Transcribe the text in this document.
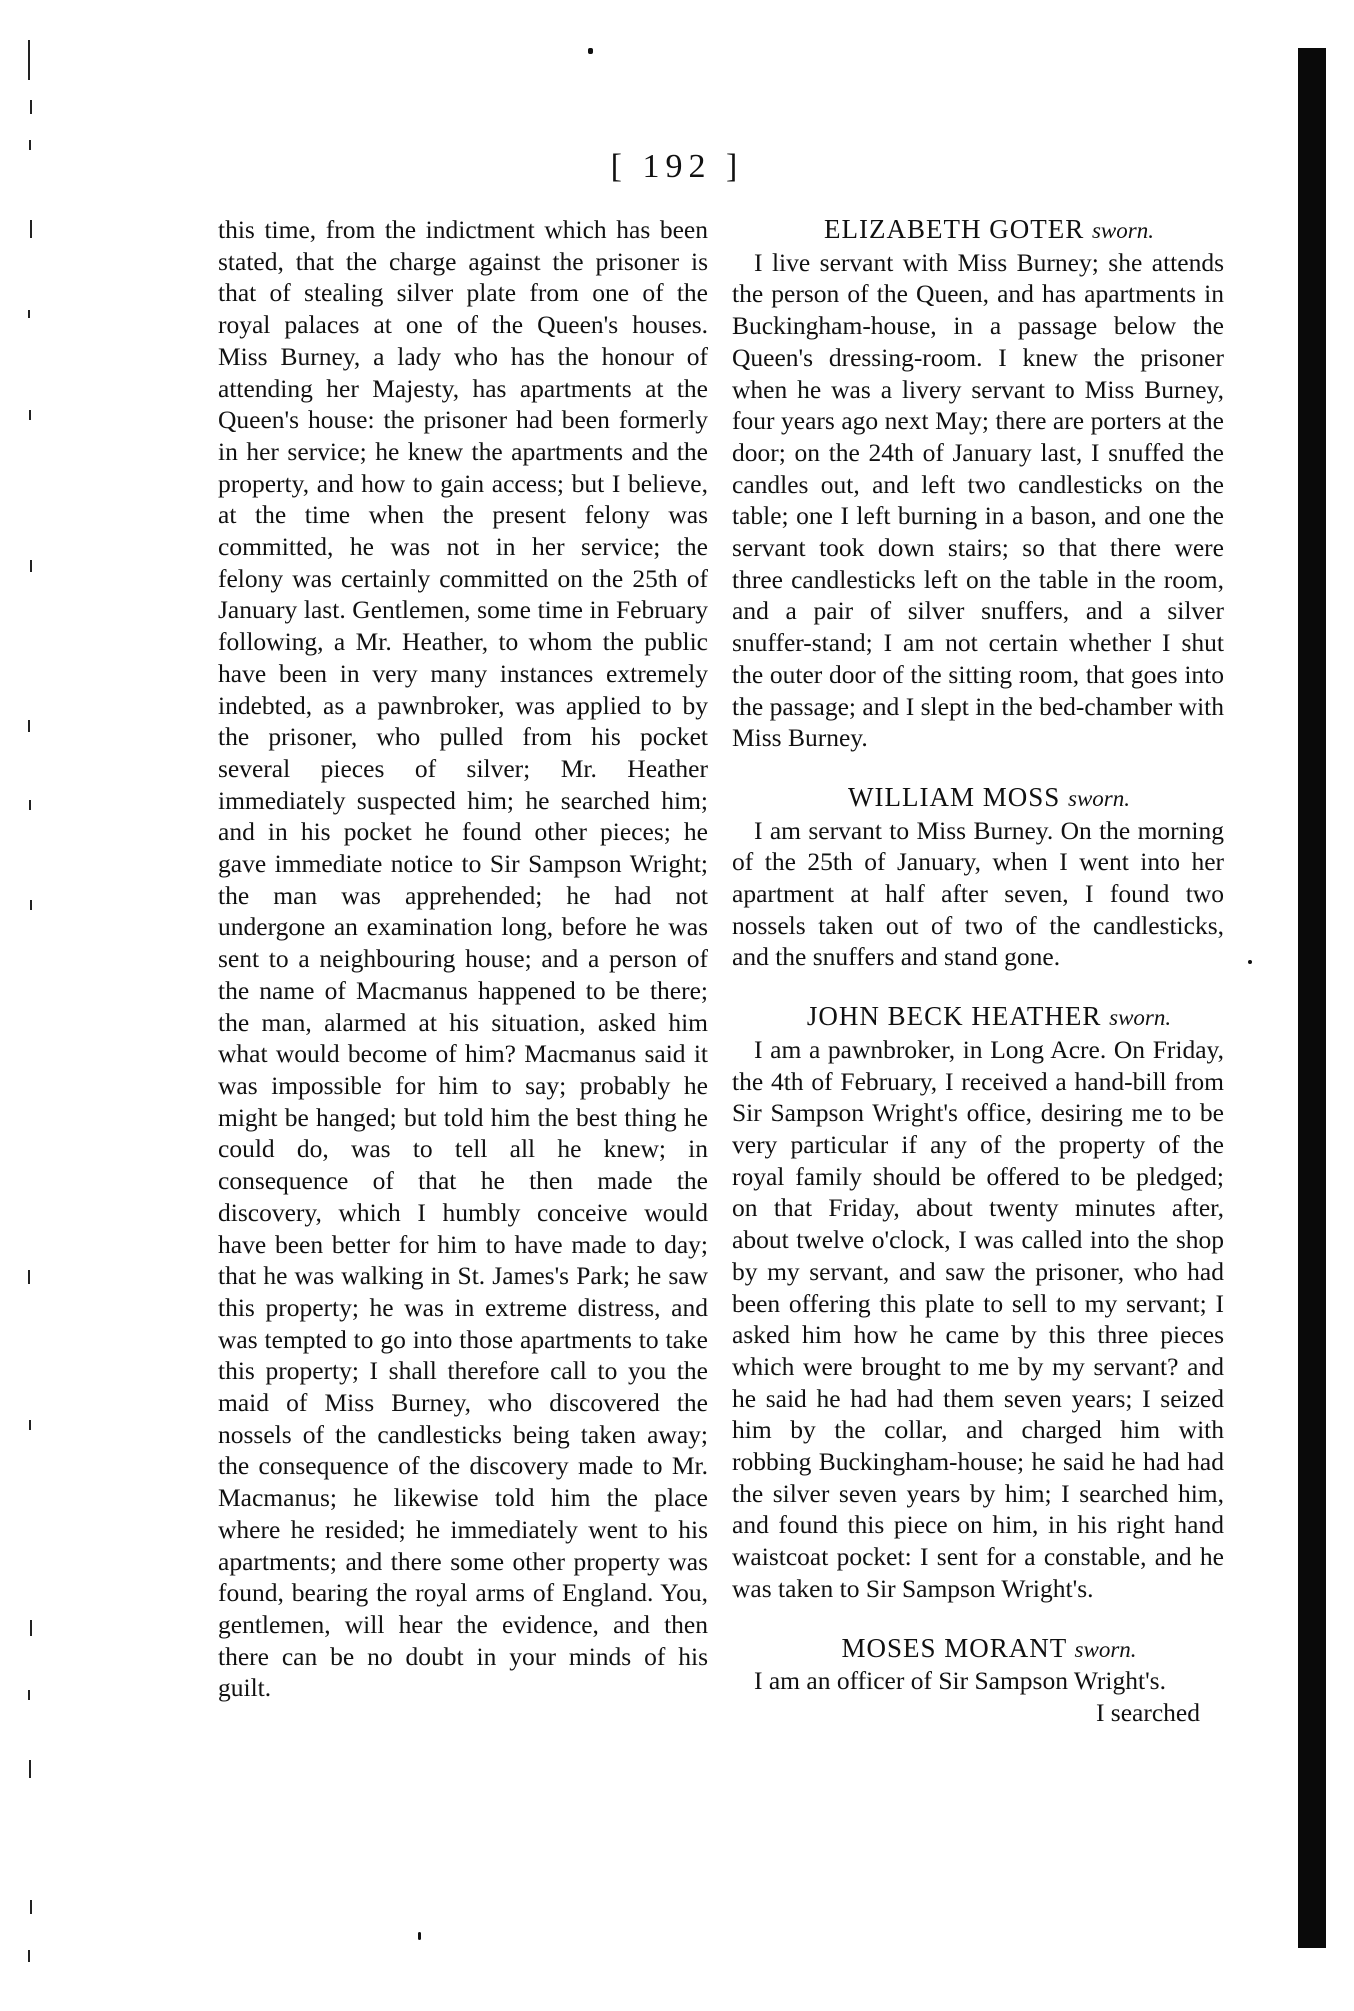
[ 192 ]

this time, from the indictment which has been stated, that the charge against the prisoner is that of stealing silver plate from one of the royal palaces at one of the Queen's houses. Miss Burney, a lady who has the honour of attending her Majesty, has apartments at the Queen's house: the prisoner had been formerly in her service; he knew the apartments and the property, and how to gain access; but I believe, at the time when the present felony was committed, he was not in her service; the felony was certainly committed on the 25th of January last. Gentlemen, some time in February following, a Mr. Heather, to whom the public have been in very many instances extremely indebted, as a pawnbroker, was applied to by the prisoner, who pulled from his pocket several pieces of silver; Mr. Heather immediately suspected him; he searched him; and in his pocket he found other pieces; he gave immediate notice to Sir Sampson Wright; the man was apprehended; he had not undergone an examination long, before he was sent to a neighbouring house; and a person of the name of Macmanus happened to be there; the man, alarmed at his situation, asked him what would become of him? Macmanus said it was impossible for him to say; probably he might be hanged; but told him the best thing he could do, was to tell all he knew; in consequence of that he then made the discovery, which I humbly conceive would have been better for him to have made to day; that he was walking in St. James's Park; he saw this property; he was in extreme distress, and was tempted to go into those apartments to take this property; I shall therefore call to you the maid of Miss Burney, who discovered the nossels of the candlesticks being taken away; the consequence of the discovery made to Mr. Macmanus; he likewise told him the place where he resided; he immediately went to his apartments; and there some other property was found, bearing the royal arms of England. You, gentlemen, will hear the evidence, and then there can be no doubt in your minds of his guilt.

ELIZABETH GOTER sworn.

I live servant with Miss Burney; she attends the person of the Queen, and has apartments in Buckingham-house, in a passage below the Queen's dressing-room. I knew the prisoner when he was a livery servant to Miss Burney, four years ago next May; there are porters at the door; on the 24th of January last, I snuffed the candles out, and left two candlesticks on the table; one I left burning in a bason, and one the servant took down stairs; so that there were three candlesticks left on the table in the room, and a pair of silver snuffers, and a silver snuffer-stand; I am not certain whether I shut the outer door of the sitting room, that goes into the passage; and I slept in the bed-chamber with Miss Burney.

WILLIAM MOSS sworn.

I am servant to Miss Burney. On the morning of the 25th of January, when I went into her apartment at half after seven, I found two nossels taken out of two of the candlesticks, and the snuffers and stand gone.

JOHN BECK HEATHER sworn.

I am a pawnbroker, in Long Acre. On Friday, the 4th of February, I received a hand-bill from Sir Sampson Wright's office, desiring me to be very particular if any of the property of the royal family should be offered to be pledged; on that Friday, about twenty minutes after, about twelve o'clock, I was called into the shop by my servant, and saw the prisoner, who had been offering this plate to sell to my servant; I asked him how he came by this three pieces which were brought to me by my servant? and he said he had had them seven years; I seized him by the collar, and charged him with robbing Buckingham-house; he said he had had the silver seven years by him; I searched him, and found this piece on him, in his right hand waistcoat pocket: I sent for a constable, and he was taken to Sir Sampson Wright's.

MOSES MORANT sworn.

I am an officer of Sir Sampson Wright's.

I searched
